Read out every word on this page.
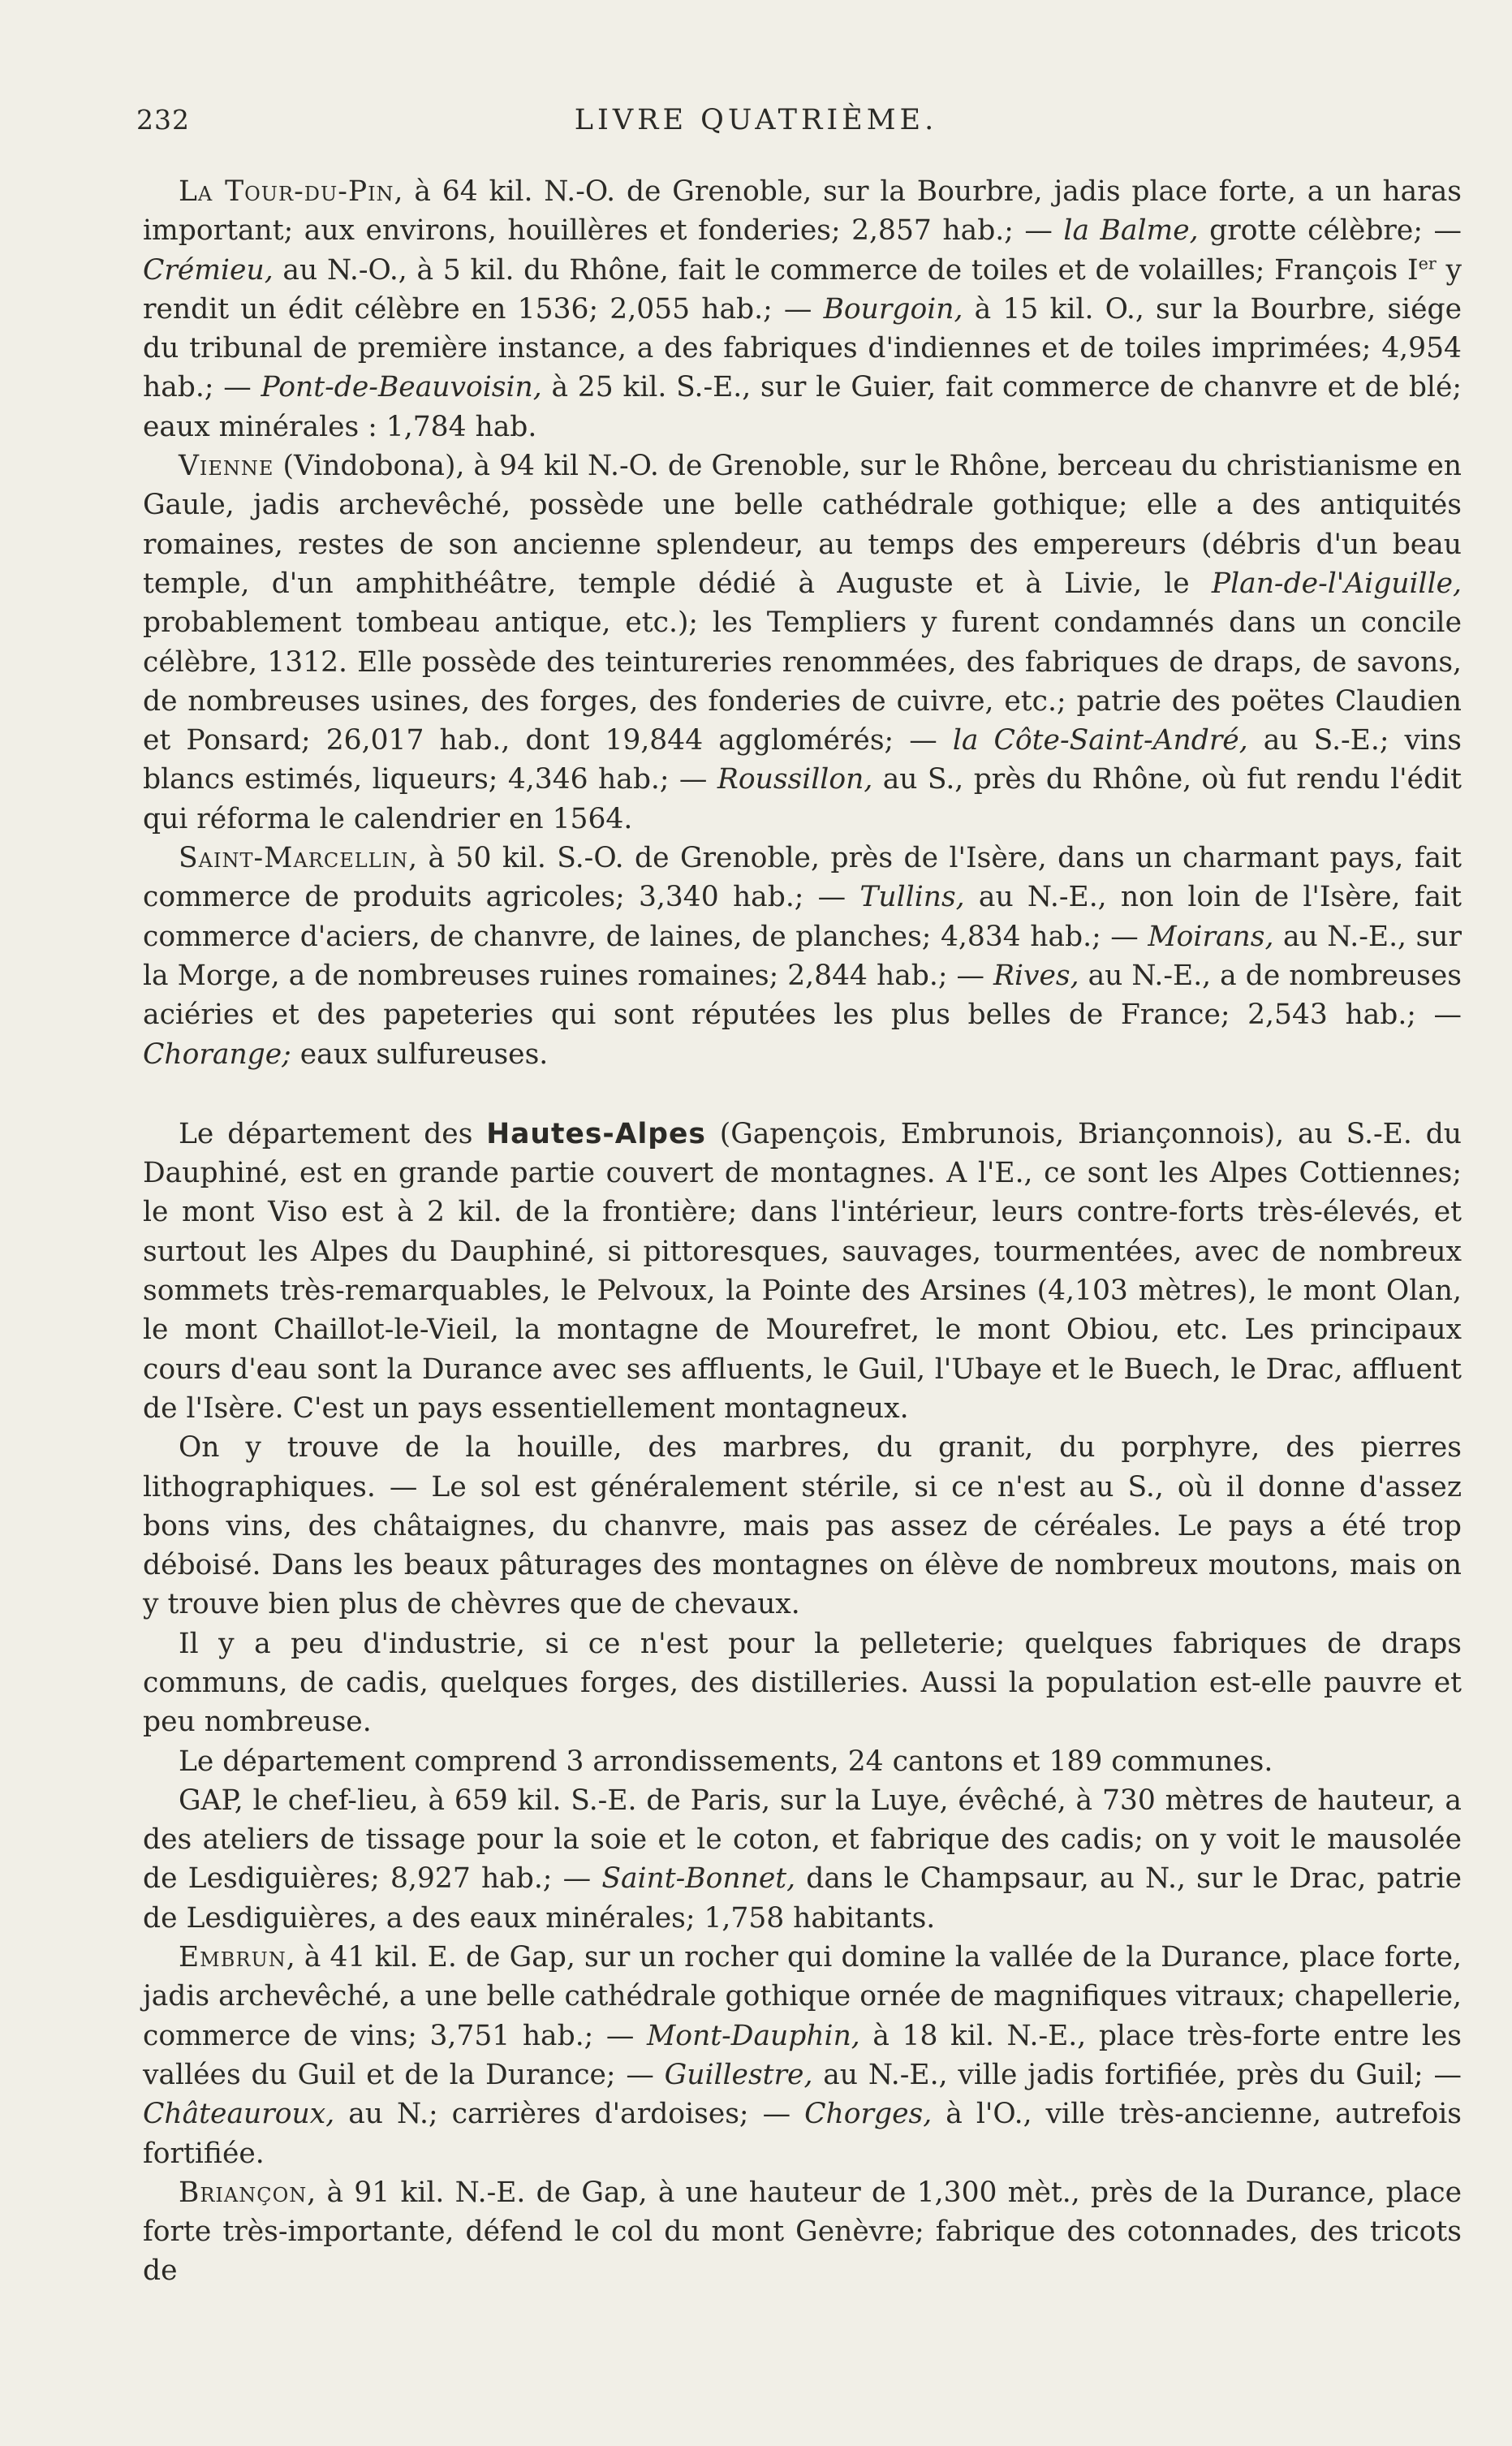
232	LIVRE QUATRIÈME.

La Tour-du-Pin, à 64 kil. N.-O. de Grenoble, sur la Bourbre, jadis place forte, a un haras important; aux environs, houillères et fonderies; 2,857 hab.; — la Balme, grotte célèbre; — Crémieu, au N.-O., à 5 kil. du Rhône, fait le commerce de toiles et de volailles; François Ier y rendit un édit célèbre en 1536; 2,055 hab.; — Bourgoin, à 15 kil. O., sur la Bourbre, siége du tribunal de première instance, a des fabriques d'indiennes et de toiles imprimées; 4,954 hab.; — Pont-de-Beauvoisin, à 25 kil. S.-E., sur le Guier, fait commerce de chanvre et de blé; eaux minérales : 1,784 hab.

Vienne (Vindobona), à 94 kil N.-O. de Grenoble, sur le Rhône, berceau du christianisme en Gaule, jadis archevêché, possède une belle cathédrale gothique; elle a des antiquités romaines, restes de son ancienne splendeur, au temps des empereurs (débris d'un beau temple, d'un amphithéâtre, temple dédié à Auguste et à Livie, le Plan-de-l'Aiguille, probablement tombeau antique, etc.); les Templiers y furent condamnés dans un concile célèbre, 1312. Elle possède des teintureries renommées, des fabriques de draps, de savons, de nombreuses usines, des forges, des fonderies de cuivre, etc.; patrie des poëtes Claudien et Ponsard; 26,017 hab., dont 19,844 agglomérés; — la Côte-Saint-André, au S.-E.; vins blancs estimés, liqueurs; 4,346 hab.; — Roussillon, au S., près du Rhône, où fut rendu l'édit qui réforma le calendrier en 1564.

Saint-Marcellin, à 50 kil. S.-O. de Grenoble, près de l'Isère, dans un charmant pays, fait commerce de produits agricoles; 3,340 hab.; — Tullins, au N.-E., non loin de l'Isère, fait commerce d'aciers, de chanvre, de laines, de planches; 4,834 hab.; — Moirans, au N.-E., sur la Morge, a de nombreuses ruines romaines; 2,844 hab.; — Rives, au N.-E., a de nombreuses aciéries et des papeteries qui sont réputées les plus belles de France; 2,543 hab.; — Chorange; eaux sulfureuses.

Le département des Hautes-Alpes (Gapençois, Embrunois, Briançonnois), au S.-E. du Dauphiné, est en grande partie couvert de montagnes. A l'E., ce sont les Alpes Cottiennes; le mont Viso est à 2 kil. de la frontière; dans l'intérieur, leurs contre-forts très-élevés, et surtout les Alpes du Dauphiné, si pittoresques, sauvages, tourmentées, avec de nombreux sommets très-remarquables, le Pelvoux, la Pointe des Arsines (4,103 mètres), le mont Olan, le mont Chaillot-le-Vieil, la montagne de Mourefret, le mont Obiou, etc. Les principaux cours d'eau sont la Durance avec ses affluents, le Guil, l'Ubaye et le Buech, le Drac, affluent de l'Isère. C'est un pays essentiellement montagneux.

On y trouve de la houille, des marbres, du granit, du porphyre, des pierres lithographiques. — Le sol est généralement stérile, si ce n'est au S., où il donne d'assez bons vins, des châtaignes, du chanvre, mais pas assez de céréales. Le pays a été trop déboisé. Dans les beaux pâturages des montagnes on élève de nombreux moutons, mais on y trouve bien plus de chèvres que de chevaux.

Il y a peu d'industrie, si ce n'est pour la pelleterie; quelques fabriques de draps communs, de cadis, quelques forges, des distilleries. Aussi la population est-elle pauvre et peu nombreuse.

Le département comprend 3 arrondissements, 24 cantons et 189 communes.

GAP, le chef-lieu, à 659 kil. S.-E. de Paris, sur la Luye, évêché, à 730 mètres de hauteur, a des ateliers de tissage pour la soie et le coton, et fabrique des cadis; on y voit le mausolée de Lesdiguières; 8,927 hab.; — Saint-Bonnet, dans le Champsaur, au N., sur le Drac, patrie de Lesdiguières, a des eaux minérales; 1,758 habitants.

Embrun, à 41 kil. E. de Gap, sur un rocher qui domine la vallée de la Durance, place forte, jadis archevêché, a une belle cathédrale gothique ornée de magnifiques vitraux; chapellerie, commerce de vins; 3,751 hab.; — Mont-Dauphin, à 18 kil. N.-E., place très-forte entre les vallées du Guil et de la Durance; — Guillestre, au N.-E., ville jadis fortifiée, près du Guil; — Châteauroux, au N.; carrières d'ardoises; — Chorges, à l'O., ville très-ancienne, autrefois fortifiée.

Briançon, à 91 kil. N.-E. de Gap, à une hauteur de 1,300 mèt., près de la Durance, place forte très-importante, défend le col du mont Genèvre; fabrique des cotonnades, des tricots de
